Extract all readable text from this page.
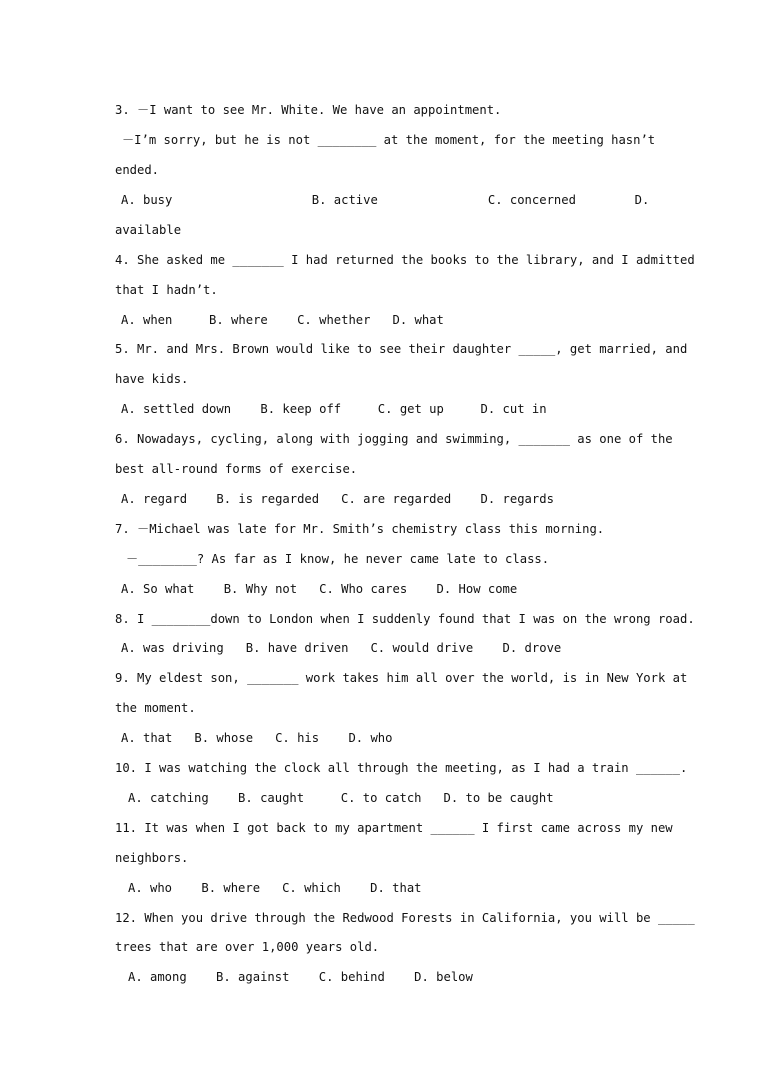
3. －I want to see Mr. White. We have an appointment.
－I’m sorry, but he is not ________ at the moment, for the meeting hasn’t
ended.
A. busy                   B. active               C. concerned        D.
available
4. She asked me _______ I had returned the books to the library, and I admitted
that I hadn’t.
A. when     B. where    C. whether   D. what
5. Mr. and Mrs. Brown would like to see their daughter _____, get married, and
have kids.
A. settled down    B. keep off     C. get up     D. cut in
6. Nowadays, cycling, along with jogging and swimming, _______ as one of the
best all-round forms of exercise.
A. regard    B. is regarded   C. are regarded    D. regards
7. －Michael was late for Mr. Smith’s chemistry class this morning.
－________? As far as I know, he never came late to class.
A. So what    B. Why not   C. Who cares    D. How come
8. I ________down to London when I suddenly found that I was on the wrong road.
A. was driving   B. have driven   C. would drive    D. drove
9. My eldest son, _______ work takes him all over the world, is in New York at
the moment.
A. that   B. whose   C. his    D. who
10. I was watching the clock all through the meeting, as I had a train ______.
A. catching    B. caught     C. to catch   D. to be caught
11. It was when I got back to my apartment ______ I first came across my new
neighbors.
A. who    B. where   C. which    D. that
12. When you drive through the Redwood Forests in California, you will be _____
trees that are over 1,000 years old.
A. among    B. against    C. behind    D. below
